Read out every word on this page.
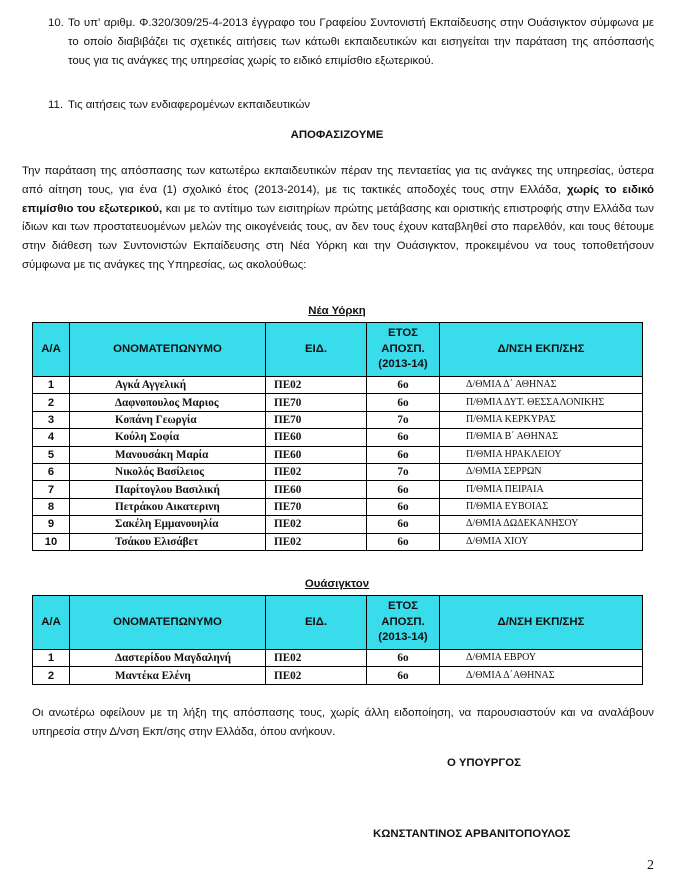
10. Το υπ’ αριθμ. Φ.320/309/25-4-2013 έγγραφο του Γραφείου Συντονιστή Εκπαίδευσης στην Ουάσιγκτον σύμφωνα με το οποίο διαβιβάζει τις σχετικές αιτήσεις των κάτωθι εκπαιδευτικών και εισηγείται την παράταση της απόσπασής τους για τις ανάγκες της υπηρεσίας χωρίς το ειδικό επιμίσθιο εξωτερικού.
11. Τις αιτήσεις των ενδιαφερομένων εκπαιδευτικών
ΑΠΟΦΑΣΙΖΟΥΜΕ
Την παράταση της απόσπασης των κατωτέρω εκπαιδευτικών πέραν της πενταετίας για τις ανάγκες της υπηρεσίας, ύστερα από αίτηση τους, για ένα (1) σχολικό έτος (2013-2014), με τις τακτικές αποδοχές τους στην Ελλάδα, χωρίς το ειδικό επιμίσθιο του εξωτερικού, και με το αντίτιμο των εισιτηρίων πρώτης μετάβασης και οριστικής επιστροφής στην Ελλάδα των ίδιων και των προστατευομένων μελών της οικογένειάς τους, αν δεν τους έχουν καταβληθεί στο παρελθόν, και τους θέτουμε στην διάθεση των Συντονιστών Εκπαίδευσης στη Νέα Υόρκη και την Ουάσιγκτον, προκειμένου να τους τοποθετήσουν σύμφωνα με τις ανάγκες της Υπηρεσίας, ως ακολούθως:
Νέα Υόρκη
Α/Α	ΟΝΟΜΑΤΕΠΩΝΥΜΟ	ΕΙΔ.	ΕΤΟΣ
ΑΠΟΣΠ.
(2013-14)	Δ/ΝΣΗ ΕΚΠ/ΣΗΣ
1	Αγκά Αγγελική	ΠΕ02	6ο	Δ/ΘΜΙΑ Δ΄ ΑΘΗΝΑΣ
2	Δαφνοπουλος Μαριος	ΠΕ70	6ο	Π/ΘΜΙΑ ΔΥΤ. ΘΕΣΣΑΛΟΝΙΚΗΣ
3	Κοπάνη Γεωργία	ΠΕ70	7ο	Π/ΘΜΙΑ ΚΕΡΚΥΡΑΣ
4	Κούλη Σοφία	ΠΕ60	6ο	Π/ΘΜΙΑ Β΄ ΑΘΗΝΑΣ
5	Μανουσάκη Μαρία	ΠΕ60	6ο	Π/ΘΜΙΑ ΗΡΑΚΛΕΙΟΥ
6	Νικολός Βασίλειος	ΠΕ02	7ο	Δ/ΘΜΙΑ ΣΕΡΡΩΝ
7	Παρίτογλου Βασιλική	ΠΕ60	6ο	Π/ΘΜΙΑ ΠΕΙΡΑΙΑ
8	Πετράκου Αικατερινη	ΠΕ70	6ο	Π/ΘΜΙΑ ΕΥΒΟΙΑΣ
9	Σακέλη Εμμανουηλία	ΠΕ02	6ο	Δ/ΘΜΙΑ ΔΩΔΕΚΑΝΗΣΟΥ
10	Τσάκου Ελισάβετ	ΠΕ02	6ο	Δ/ΘΜΙΑ ΧΙΟΥ
Ουάσιγκτον
Α/Α	ΟΝΟΜΑΤΕΠΩΝΥΜΟ	ΕΙΔ.	ΕΤΟΣ
ΑΠΟΣΠ.
(2013-14)	Δ/ΝΣΗ ΕΚΠ/ΣΗΣ
1	Δαστερίδου Μαγδαληνή	ΠΕ02	6ο	Δ/ΘΜΙΑ ΕΒΡΟΥ
2	Μαντέκα Ελένη	ΠΕ02	6ο	Δ/ΘΜΙΑ Δ΄ΑΘΗΝΑΣ
Οι ανωτέρω οφείλουν με τη λήξη της απόσπασης τους, χωρίς άλλη ειδοποίηση, να παρουσιαστούν και να αναλάβουν υπηρεσία στην Δ/νση Εκπ/σης στην Ελλάδα, όπου ανήκουν.
Ο ΥΠΟΥΡΓΟΣ
ΚΩΝΣΤΑΝΤΙΝΟΣ ΑΡΒΑΝΙΤΟΠΟΥΛΟΣ
2
